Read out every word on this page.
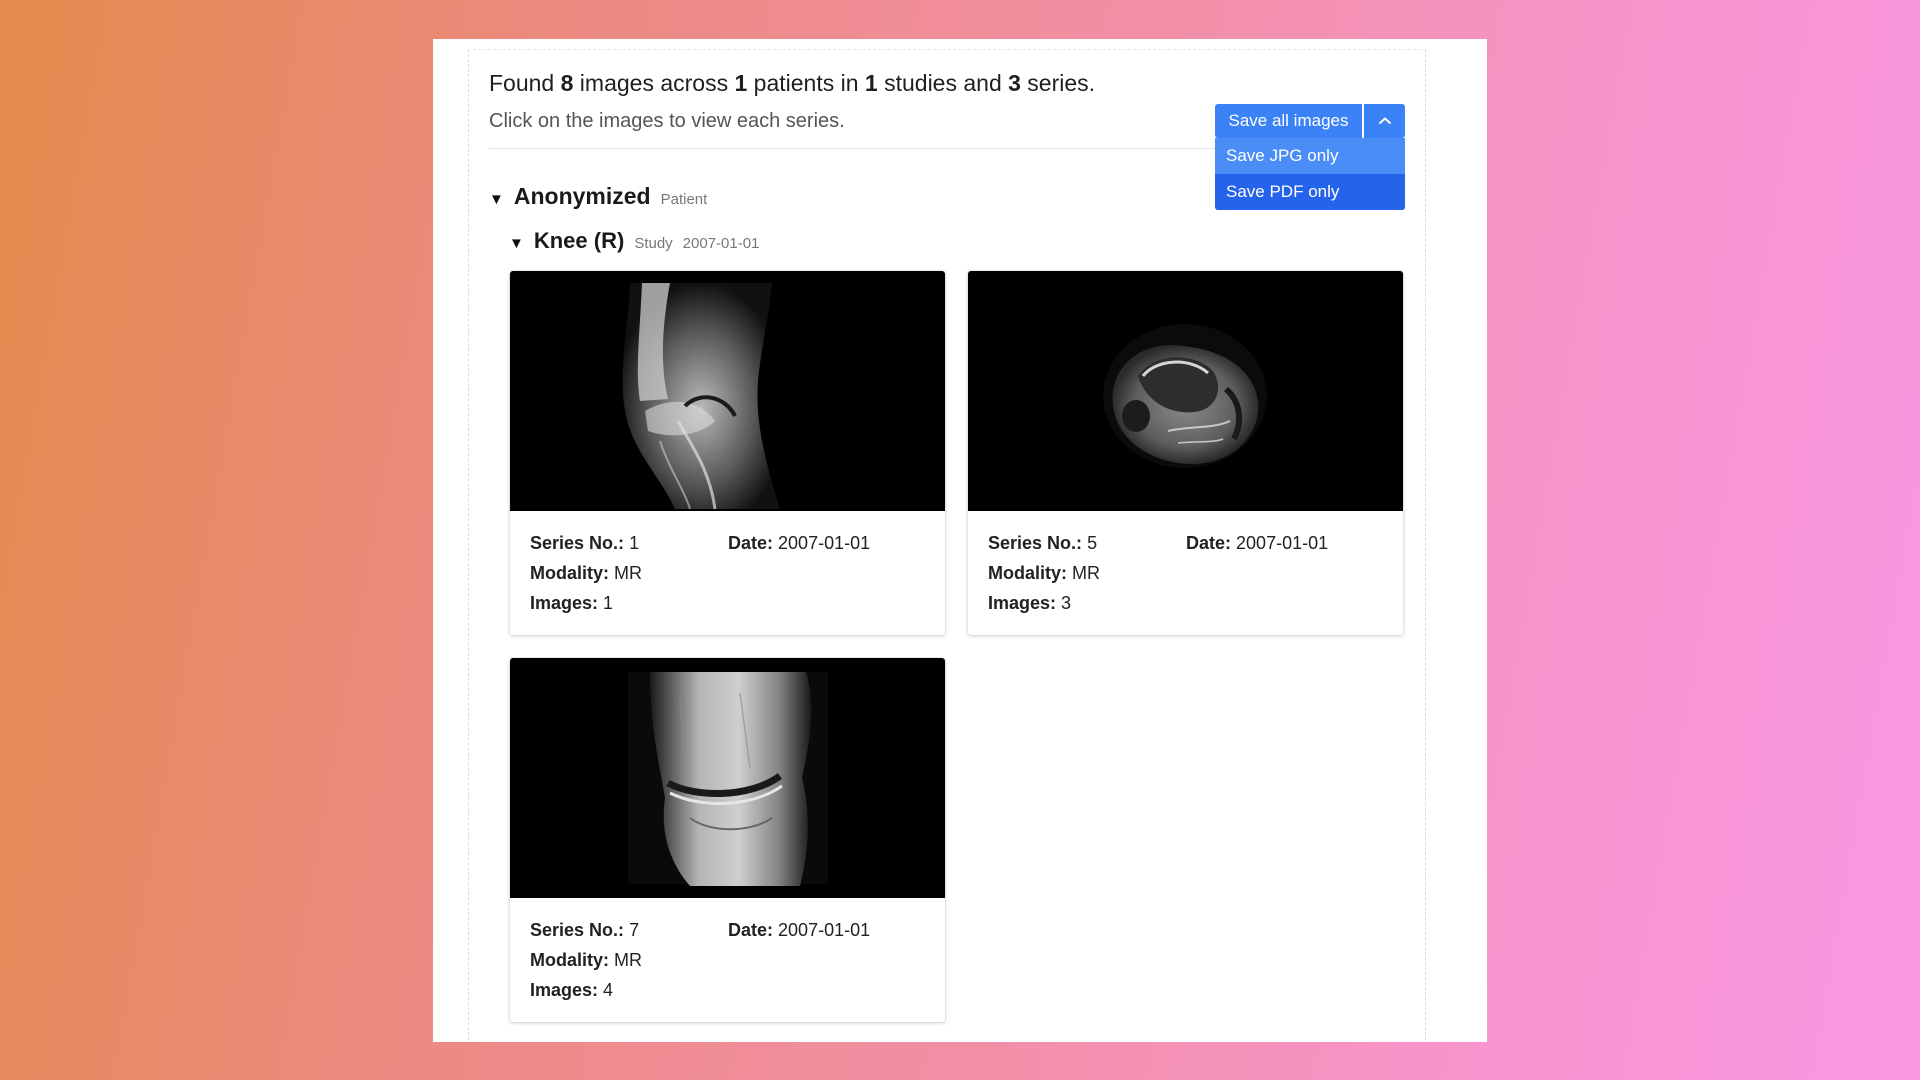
Found 8 images across 1 patients in 1 studies and 3 series.

Click on the images to view each series.

▼ Anonymized Patient
▼ Knee (R) Study 2007-01-01
Series No.: 1	Date: 2007-01-01
Modality: MR
Images: 1
Series No.: 5	Date: 2007-01-01
Modality: MR
Images: 3
Series No.: 7	Date: 2007-01-01
Modality: MR
Images: 4
Save all images
Save JPG only
Save PDF only
